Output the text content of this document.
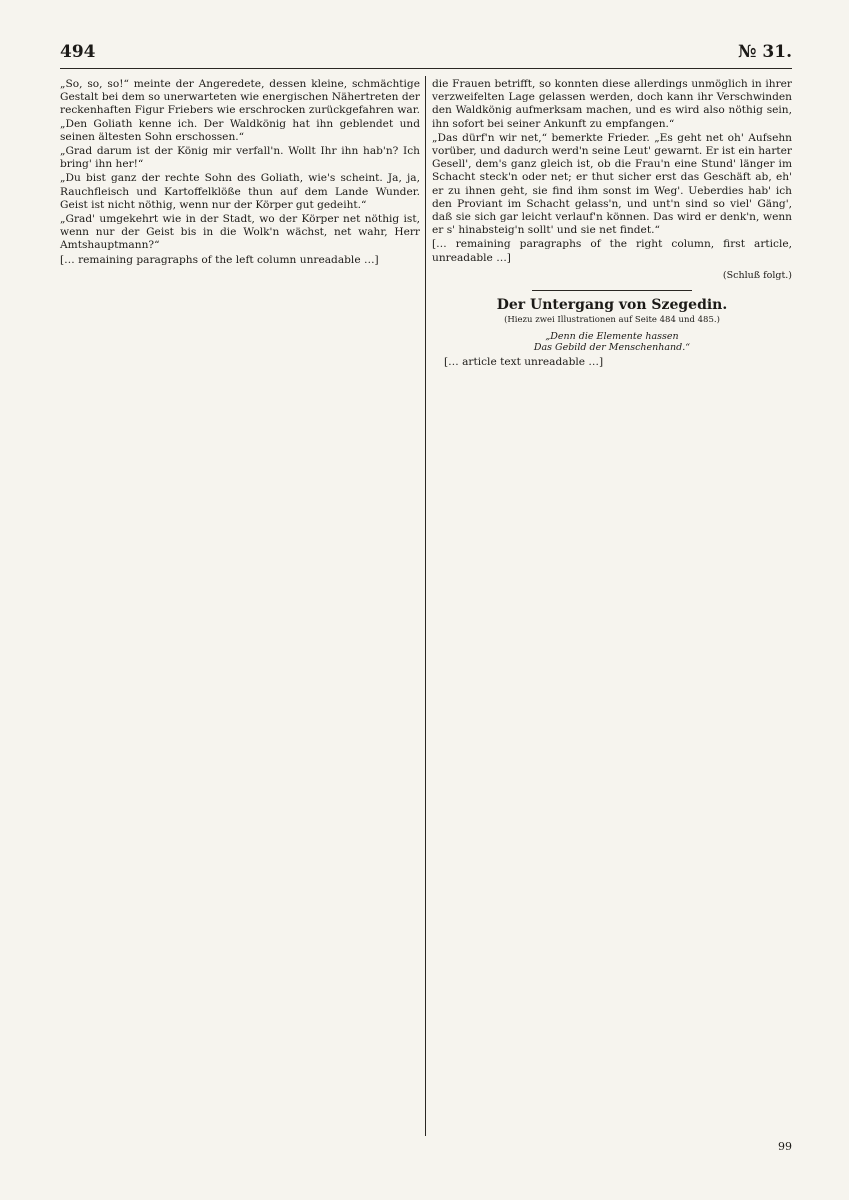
494	№ 31.

„So, so, so!“ meinte der Angeredete, dessen kleine, schmächtige Gestalt bei dem so unerwarteten wie energischen Nähertreten der reckenhaften Figur Friebers wie erschrocken zurückgefahren war. „Den Goliath kenne ich. Der Waldkönig hat ihn geblendet und seinen ältesten Sohn erschossen.“

„Grad darum ist der König mir verfall'n. Wollt Ihr ihn hab'n? Ich bring' ihn her!“

„Du bist ganz der rechte Sohn des Goliath, wie's scheint. Ja, ja, Rauchfleisch und Kartoffelklöße thun auf dem Lande Wunder. Geist ist nicht nöthig, wenn nur der Körper gut gedeiht.“

„Grad' umgekehrt wie in der Stadt, wo der Körper net nöthig ist, wenn nur der Geist bis in die Wolk'n wächst, net wahr, Herr Amtshauptmann?“

[… remaining paragraphs of the left column unreadable …]

die Frauen betrifft, so konnten diese allerdings unmöglich in ihrer verzweifelten Lage gelassen werden, doch kann ihr Verschwinden den Waldkönig aufmerksam machen, und es wird also nöthig sein, ihn sofort bei seiner Ankunft zu empfangen.“

„Das dürf'n wir net,“ bemerkte Frieder. „Es geht net oh' Aufsehn vorüber, und dadurch werd'n seine Leut' gewarnt. Er ist ein harter Gesell', dem's ganz gleich ist, ob die Frau'n eine Stund' länger im Schacht steck'n oder net; er thut sicher erst das Geschäft ab, eh' er zu ihnen geht, sie find ihm sonst im Weg'. Ueberdies hab' ich den Proviant im Schacht gelass'n, und unt'n sind so viel' Gäng', daß sie sich gar leicht verlauf'n können. Das wird er denk'n, wenn er s' hinabsteig'n sollt' und sie net findet.“

[… remaining paragraphs of the right column, first article, unreadable …]

(Schluß folgt.)

Der Untergang von Szegedin.

(Hiezu zwei Illustrationen auf Seite 484 und 485.)

„Denn die Elemente hassen
Das Gebild der Menschenhand.“

[… article text unreadable …]

99
